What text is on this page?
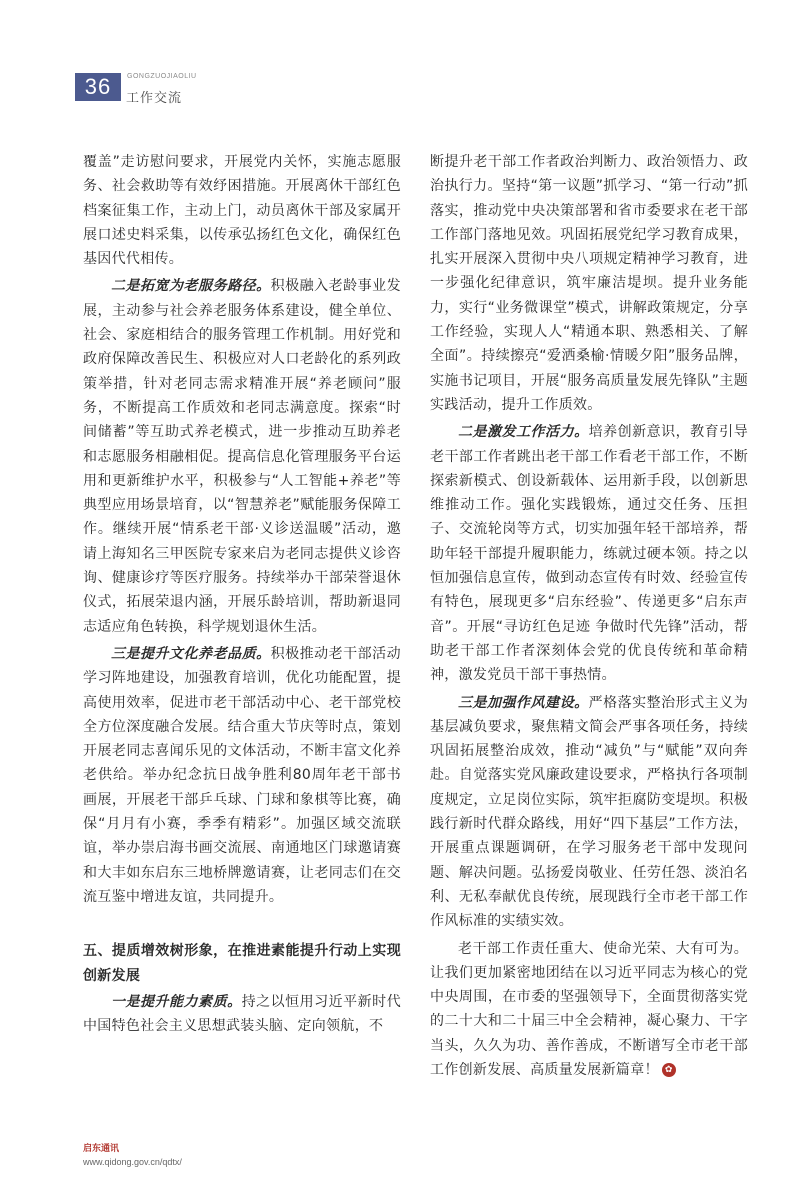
36	GONGZUOJIAOLIU
工作交流

覆盖”走访慰问要求，开展党内关怀，实施志愿服务、社会救助等有效纾困措施。开展离休干部红色档案征集工作，主动上门，动员离休干部及家属开展口述史料采集，以传承弘扬红色文化，确保红色基因代代相传。

二是拓宽为老服务路径。积极融入老龄事业发展，主动参与社会养老服务体系建设，健全单位、社会、家庭相结合的服务管理工作机制。用好党和政府保障改善民生、积极应对人口老龄化的系列政策举措，针对老同志需求精准开展“养老顾问”服务，不断提高工作质效和老同志满意度。探索“时间储蓄”等互助式养老模式，进一步推动互助养老和志愿服务相融相促。提高信息化管理服务平台运用和更新维护水平，积极参与“人工智能+养老”等典型应用场景培育，以“智慧养老”赋能服务保障工作。继续开展“情系老干部·义诊送温暖”活动，邀请上海知名三甲医院专家来启为老同志提供义诊咨询、健康诊疗等医疗服务。持续举办干部荣誉退休仪式，拓展荣退内涵，开展乐龄培训，帮助新退同志适应角色转换，科学规划退休生活。

三是提升文化养老品质。积极推动老干部活动学习阵地建设，加强教育培训，优化功能配置，提高使用效率，促进市老干部活动中心、老干部党校全方位深度融合发展。结合重大节庆等时点，策划开展老同志喜闻乐见的文体活动，不断丰富文化养老供给。举办纪念抗日战争胜利80周年老干部书画展，开展老干部乒乓球、门球和象棋等比赛，确保“月月有小赛，季季有精彩”。加强区域交流联谊，举办崇启海书画交流展、南通地区门球邀请赛和大丰如东启东三地桥牌邀请赛，让老同志们在交流互鉴中增进友谊，共同提升。

五、提质增效树形象，在推进素能提升行动上实现创新发展

一是提升能力素质。持之以恒用习近平新时代中国特色社会主义思想武装头脑、定向领航，不

断提升老干部工作者政治判断力、政治领悟力、政治执行力。坚持“第一议题”抓学习、“第一行动”抓落实，推动党中央决策部署和省市委要求在老干部工作部门落地见效。巩固拓展党纪学习教育成果，扎实开展深入贯彻中央八项规定精神学习教育，进一步强化纪律意识，筑牢廉洁堤坝。提升业务能力，实行“业务微课堂”模式，讲解政策规定，分享工作经验，实现人人“精通本职、熟悉相关、了解全面”。持续擦亮“爱洒桑榆·情暖夕阳”服务品牌，实施书记项目，开展“服务高质量发展先锋队”主题实践活动，提升工作质效。

二是激发工作活力。培养创新意识，教育引导老干部工作者跳出老干部工作看老干部工作，不断探索新模式、创设新载体、运用新手段，以创新思维推动工作。强化实践锻炼，通过交任务、压担子、交流轮岗等方式，切实加强年轻干部培养，帮助年轻干部提升履职能力，练就过硬本领。持之以恒加强信息宣传，做到动态宣传有时效、经验宣传有特色，展现更多“启东经验”、传递更多“启东声音”。开展“寻访红色足迹 争做时代先锋”活动，帮助老干部工作者深刻体会党的优良传统和革命精神，激发党员干部干事热情。

三是加强作风建设。严格落实整治形式主义为基层减负要求，聚焦精文简会严事各项任务，持续巩固拓展整治成效，推动“减负”与“赋能”双向奔赴。自觉落实党风廉政建设要求，严格执行各项制度规定，立足岗位实际，筑牢拒腐防变堤坝。积极践行新时代群众路线，用好“四下基层”工作方法，开展重点课题调研，在学习服务老干部中发现问题、解决问题。弘扬爱岗敬业、任劳任怨、淡泊名利、无私奉献优良传统，展现践行全市老干部工作作风标准的实绩实效。

老干部工作责任重大、使命光荣、大有可为。让我们更加紧密地团结在以习近平同志为核心的党中央周围，在市委的坚强领导下，全面贯彻落实党的二十大和二十届三中全会精神，凝心聚力、干字当头，久久为功、善作善成，不断谱写全市老干部工作创新发展、高质量发展新篇章！ ✿

启东通讯
www.qidong.gov.cn/qdtx/
